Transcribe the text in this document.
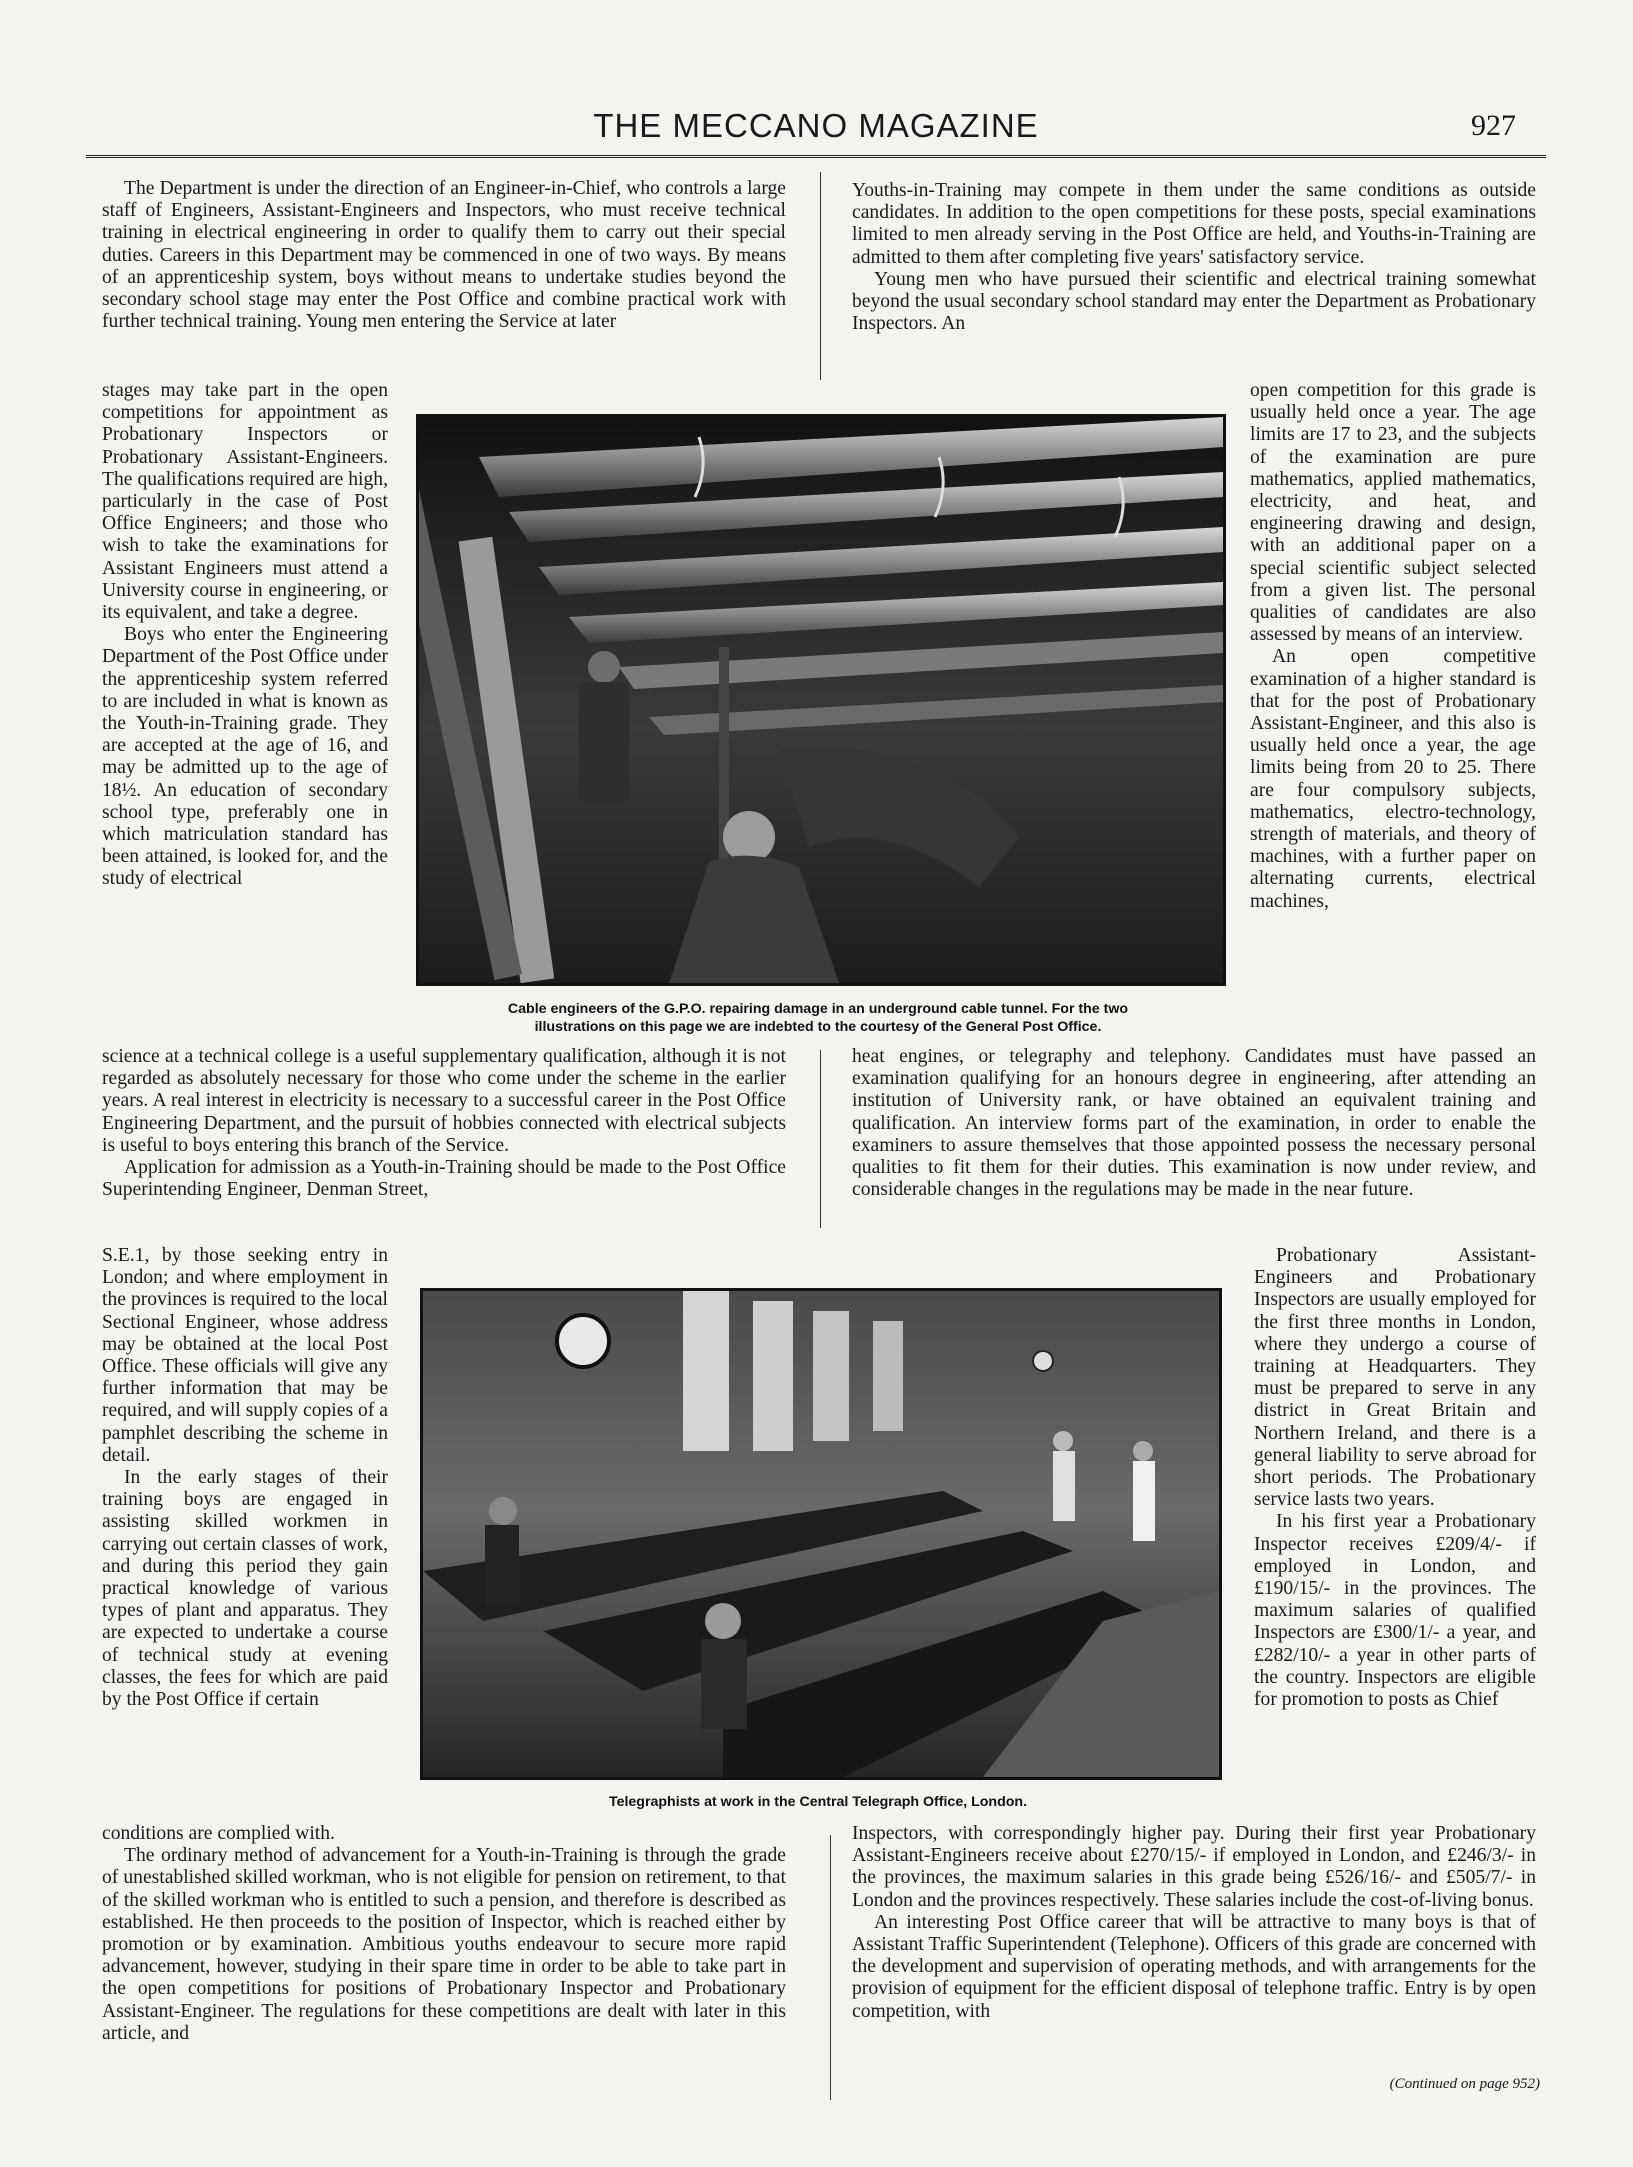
THE MECCANO MAGAZINE	927

The Department is under the direction of an Engineer-in-Chief, who controls a large staff of Engineers, Assistant-Engineers and Inspectors, who must receive technical training in electrical engineering in order to qualify them to carry out their special duties. Careers in this Department may be commenced in one of two ways. By means of an apprenticeship system, boys without means to undertake studies beyond the secondary school stage may enter the Post Office and combine practical work with further technical training. Young men entering the Service at later

stages may take part in the open competitions for appointment as Probationary Inspectors or Probationary Assistant-Engineers. The qualifications required are high, particularly in the case of Post Office Engineers; and those who wish to take the examinations for Assistant Engineers must attend a University course in engineering, or its equivalent, and take a degree.

Boys who enter the Engineering Department of the Post Office under the apprenticeship system referred to are included in what is known as the Youth-in-Training grade. They are accepted at the age of 16, and may be admitted up to the age of 18½. An education of secondary school type, preferably one in which matriculation standard has been attained, is looked for, and the study of electrical

science at a technical college is a useful supplementary qualification, although it is not regarded as absolutely necessary for those who come under the scheme in the earlier years. A real interest in electricity is necessary to a successful career in the Post Office Engineering Department, and the pursuit of hobbies connected with electrical subjects is useful to boys entering this branch of the Service.

Application for admission as a Youth-in-Training should be made to the Post Office Superintending Engineer, Denman Street,

S.E.1, by those seeking entry in London; and where employment in the provinces is required to the local Sectional Engineer, whose address may be obtained at the local Post Office. These officials will give any further information that may be required, and will supply copies of a pamphlet describing the scheme in detail.

In the early stages of their training boys are engaged in assisting skilled workmen in carrying out certain classes of work, and during this period they gain practical knowledge of various types of plant and apparatus. They are expected to undertake a course of technical study at evening classes, the fees for which are paid by the Post Office if certain

conditions are complied with.

The ordinary method of advancement for a Youth-in-Training is through the grade of unestablished skilled workman, who is not eligible for pension on retirement, to that of the skilled workman who is entitled to such a pension, and therefore is described as established. He then proceeds to the position of Inspector, which is reached either by promotion or by examination. Ambitious youths endeavour to secure more rapid advancement, however, studying in their spare time in order to be able to take part in the open competitions for positions of Probationary Inspector and Probationary Assistant-Engineer. The regulations for these competitions are dealt with later in this article, and

Youths-in-Training may compete in them under the same conditions as outside candidates. In addition to the open competitions for these posts, special examinations limited to men already serving in the Post Office are held, and Youths-in-Training are admitted to them after completing five years' satisfactory service.

Young men who have pursued their scientific and electrical training somewhat beyond the usual secondary school standard may enter the Department as Probationary Inspectors. An

open competition for this grade is usually held once a year. The age limits are 17 to 23, and the subjects of the examination are pure mathematics, applied mathematics, electricity, and heat, and engineering drawing and design, with an additional paper on a special scientific subject selected from a given list. The personal qualities of candidates are also assessed by means of an interview.

An open competitive examination of a higher standard is that for the post of Probationary Assistant-Engineer, and this also is usually held once a year, the age limits being from 20 to 25. There are four compulsory subjects, mathematics, electro-technology, strength of materials, and theory of machines, with a further paper on alternating currents, electrical machines,

heat engines, or telegraphy and telephony. Candidates must have passed an examination qualifying for an honours degree in engineering, after attending an institution of University rank, or have obtained an equivalent training and qualification. An interview forms part of the examination, in order to enable the examiners to assure themselves that those appointed possess the necessary personal qualities to fit them for their duties. This examination is now under review, and considerable changes in the regulations may be made in the near future.

Probationary Assistant-Engineers and Probationary Inspectors are usually employed for the first three months in London, where they undergo a course of training at Headquarters. They must be prepared to serve in any district in Great Britain and Northern Ireland, and there is a general liability to serve abroad for short periods. The Probationary service lasts two years.

In his first year a Probationary Inspector receives £209/4/- if employed in London, and £190/15/- in the provinces. The maximum salaries of qualified Inspectors are £300/1/- a year, and £282/10/- a year in other parts of the country. Inspectors are eligible for promotion to posts as Chief

Inspectors, with correspondingly higher pay. During their first year Probationary Assistant-Engineers receive about £270/15/- if employed in London, and £246/3/- in the provinces, the maximum salaries in this grade being £526/16/- and £505/7/- in London and the provinces respectively. These salaries include the cost-of-living bonus.

An interesting Post Office career that will be attractive to many boys is that of Assistant Traffic Superintendent (Telephone). Officers of this grade are concerned with the development and supervision of operating methods, and with arrangements for the provision of equipment for the efficient disposal of telephone traffic. Entry is by open competition, with

(Continued on page 952)
Cable engineers of the G.P.O. repairing damage in an underground cable tunnel. For the two
illustrations on this page we are indebted to the courtesy of the General Post Office.
Telegraphists at work in the Central Telegraph Office, London.
